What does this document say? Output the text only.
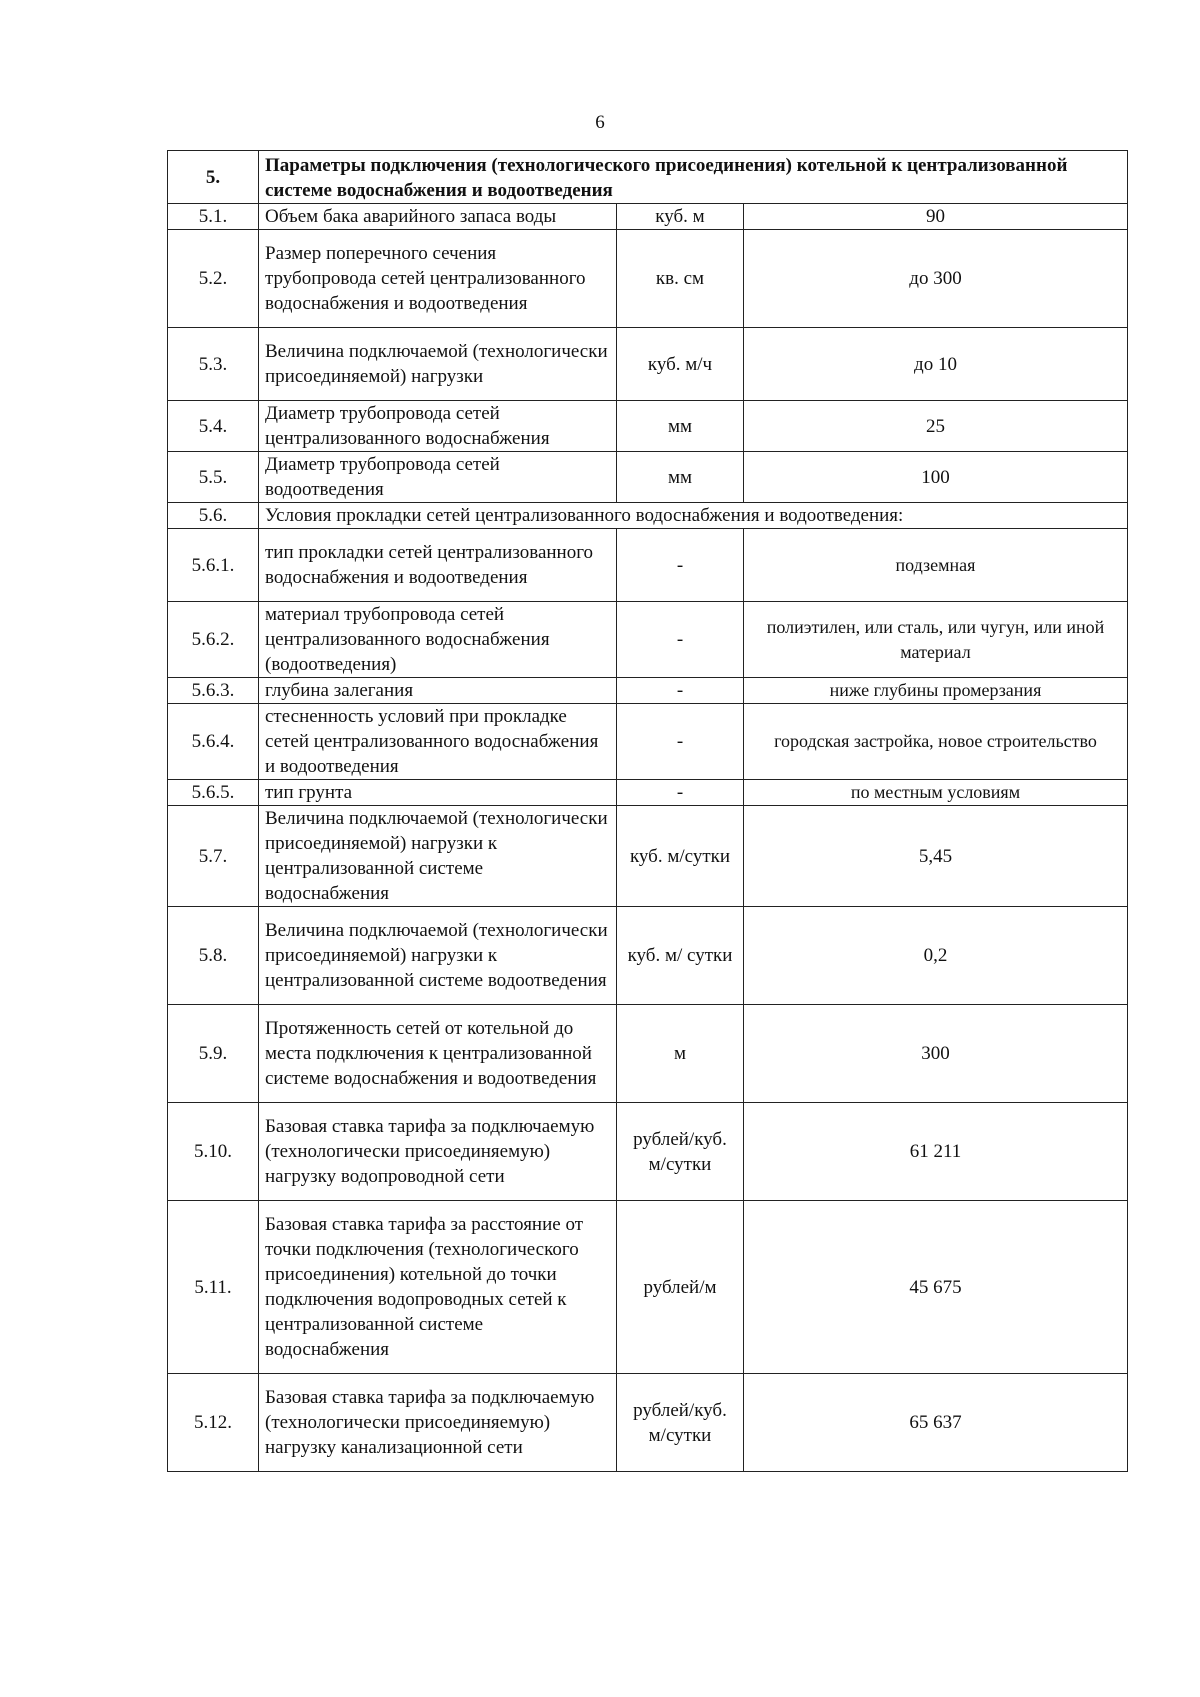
6
5.	Параметры подключения (технологического присоединения) котельной к централизованной системе водоснабжения и водоотведения		
5.1.	Объем бака аварийного запаса воды	куб. м	90
5.2.	Размер поперечного сечения трубопровода сетей централизованного водоснабжения и водоотведения	кв. см	до 300
5.3.	Величина подключаемой (технологически присоединяемой) нагрузки	куб. м/ч	до 10
5.4.	Диаметр трубопровода сетей централизованного водоснабжения	мм	25
5.5.	Диаметр трубопровода сетей водоотведения	мм	100
5.6.	Условия прокладки сетей централизованного водоснабжения и водоотведения:		
5.6.1.	тип прокладки сетей централизованного водоснабжения и водоотведения	-	подземная
5.6.2.	материал трубопровода сетей централизованного водоснабжения (водоотведения)	-	полиэтилен, или сталь, или чугун, или иной материал
5.6.3.	глубина залегания	-	ниже глубины промерзания
5.6.4.	стесненность условий при прокладке сетей централизованного водоснабжения и водоотведения	-	городская застройка, новое строительство
5.6.5.	тип грунта	-	по местным условиям
5.7.	Величина подключаемой (технологически присоединяемой) нагрузки к централизованной системе водоснабжения	куб. м/сутки	5,45
5.8.	Величина подключаемой (технологически присоединяемой) нагрузки к централизованной системе водоотведения	куб. м/ сутки	0,2
5.9.	Протяженность сетей от котельной до места подключения к централизованной системе водоснабжения и водоотведения	м	300
5.10.	Базовая ставка тарифа за подключаемую (технологически присоединяемую) нагрузку водопроводной сети	рублей/куб. м/сутки	61 211
5.11.	Базовая ставка тарифа за расстояние от точки подключения (технологического присоединения) котельной до точки подключения водопроводных сетей к централизованной системе водоснабжения	рублей/м	45 675
5.12.	Базовая ставка тарифа за подключаемую (технологически присоединяемую) нагрузку канализационной сети	рублей/куб. м/сутки	65 637
